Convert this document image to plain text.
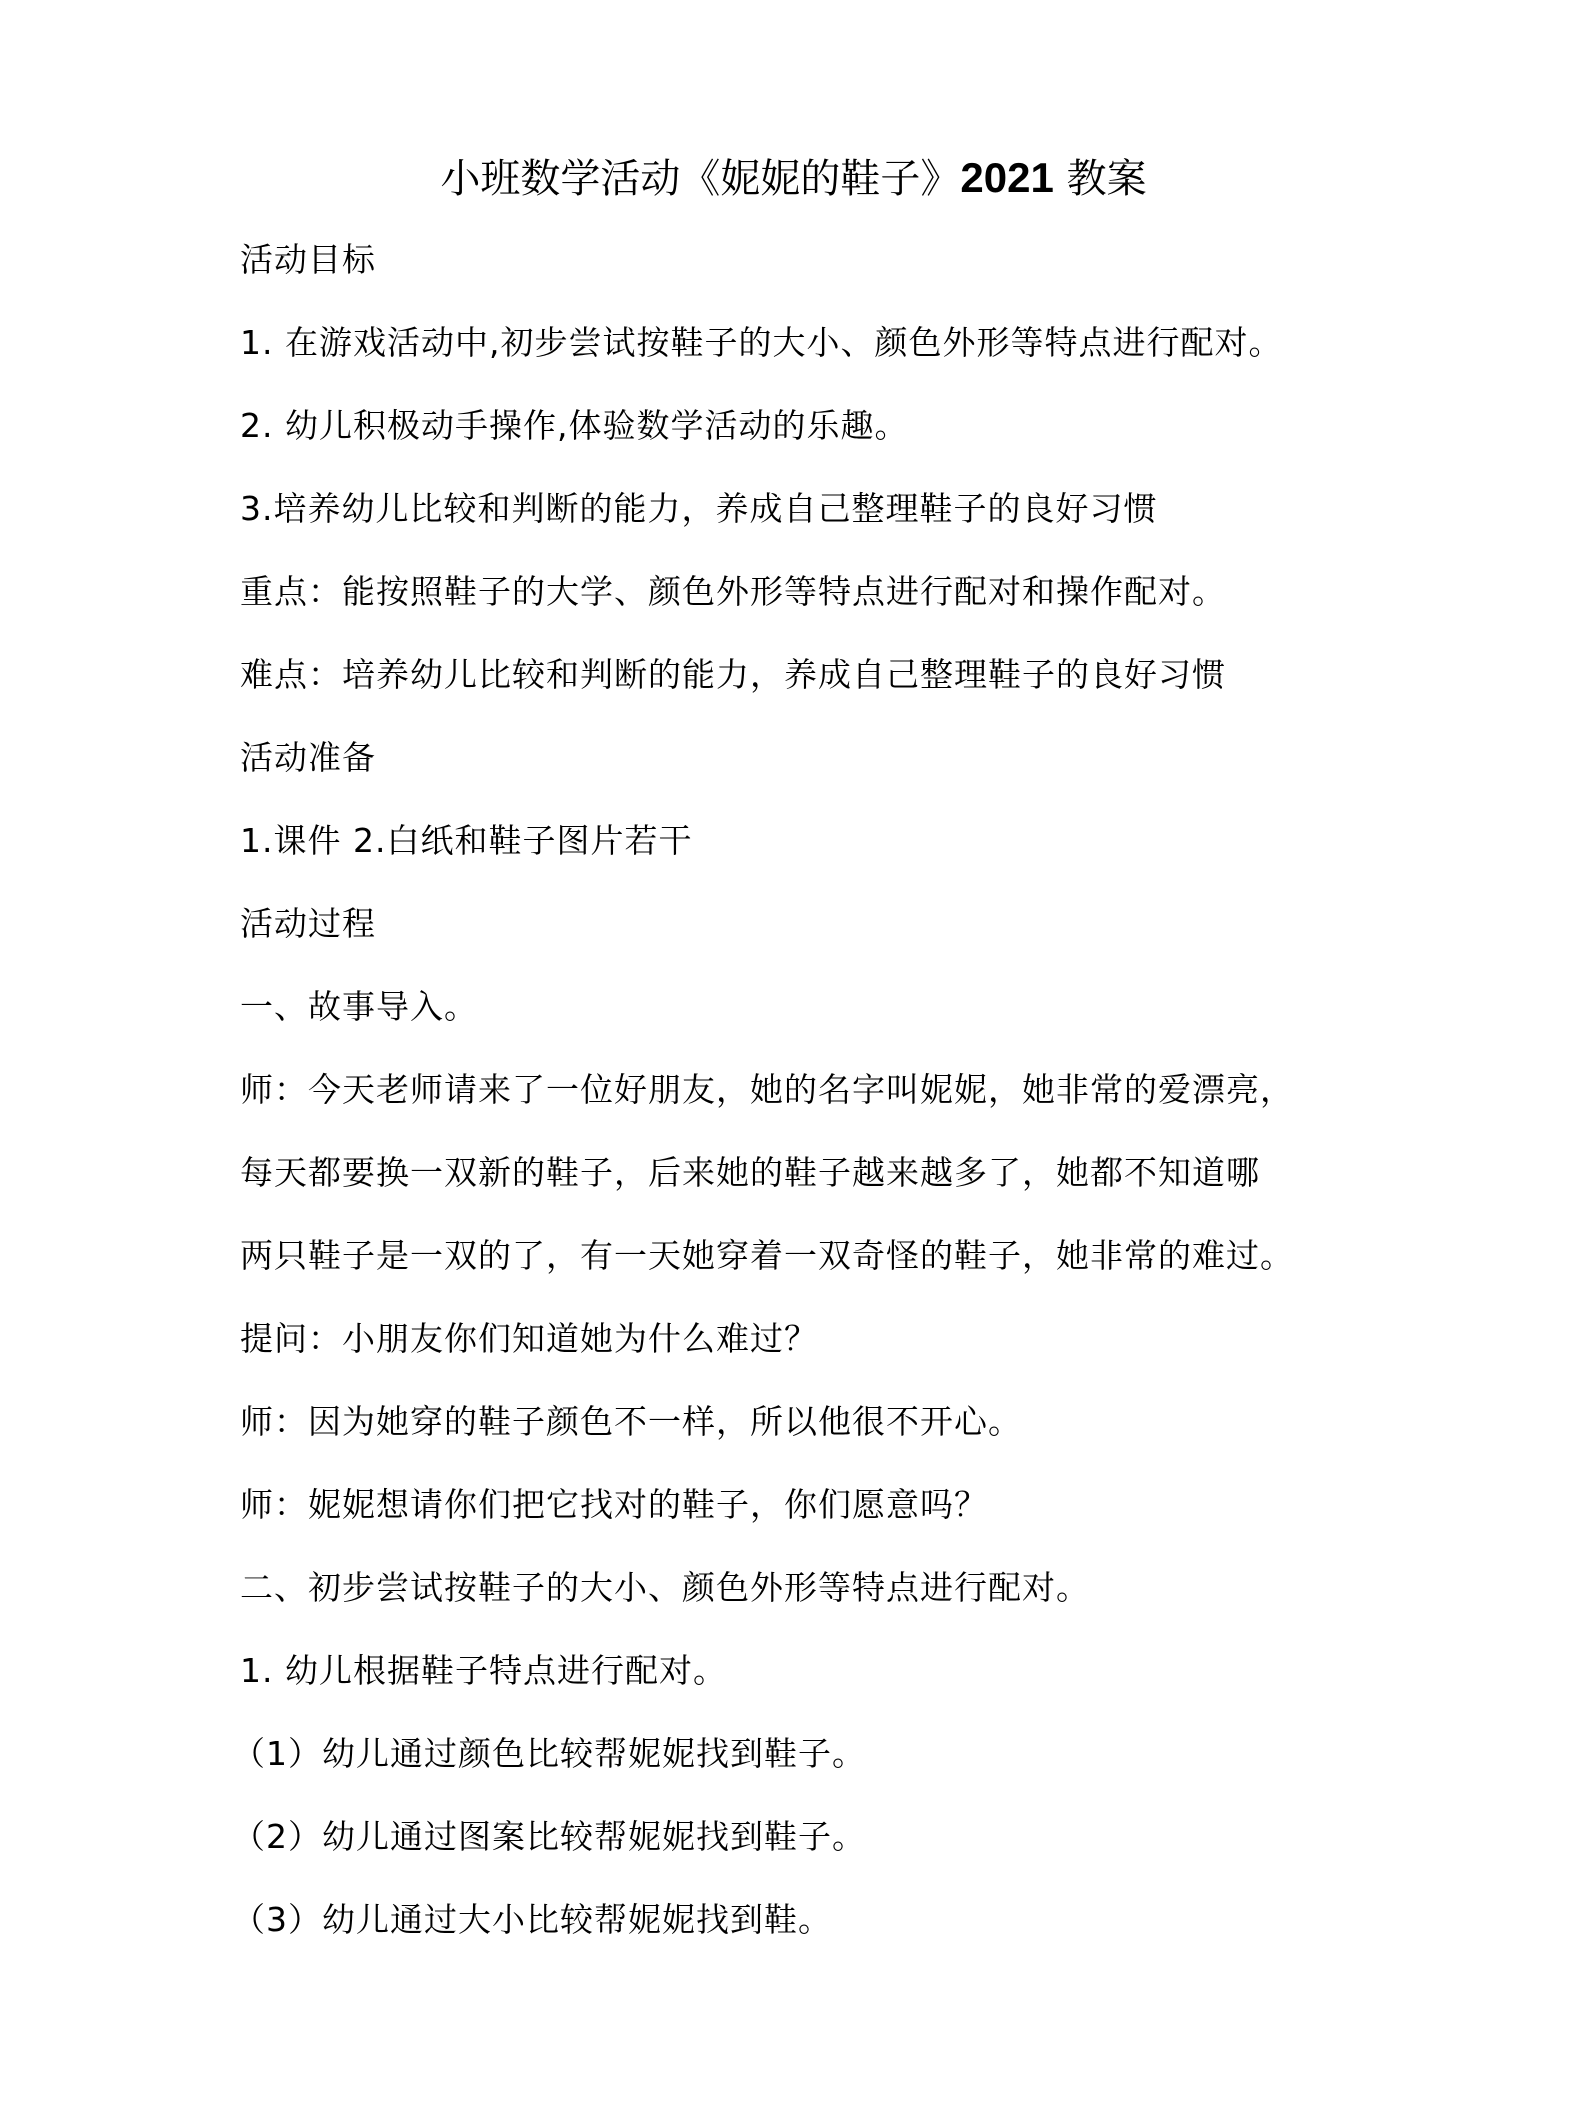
小班数学活动《妮妮的鞋子》2021 教案

活动目标

1. 在游戏活动中,初步尝试按鞋子的大小、颜色外形等特点进行配对。

2. 幼儿积极动手操作,体验数学活动的乐趣。

3.培养幼儿比较和判断的能力，养成自己整理鞋子的良好习惯

重点：能按照鞋子的大学、颜色外形等特点进行配对和操作配对。

难点：培养幼儿比较和判断的能力，养成自己整理鞋子的良好习惯

活动准备

1.课件 2.白纸和鞋子图片若干

活动过程

一、故事导入。

师：今天老师请来了一位好朋友，她的名字叫妮妮，她非常的爱漂亮，

每天都要换一双新的鞋子，后来她的鞋子越来越多了，她都不知道哪

两只鞋子是一双的了，有一天她穿着一双奇怪的鞋子，她非常的难过。

提问：小朋友你们知道她为什么难过？

师：因为她穿的鞋子颜色不一样，所以他很不开心。

师：妮妮想请你们把它找对的鞋子，你们愿意吗？

二、初步尝试按鞋子的大小、颜色外形等特点进行配对。

1. 幼儿根据鞋子特点进行配对。

（1）幼儿通过颜色比较帮妮妮找到鞋子。

（2）幼儿通过图案比较帮妮妮找到鞋子。

（3）幼儿通过大小比较帮妮妮找到鞋。
